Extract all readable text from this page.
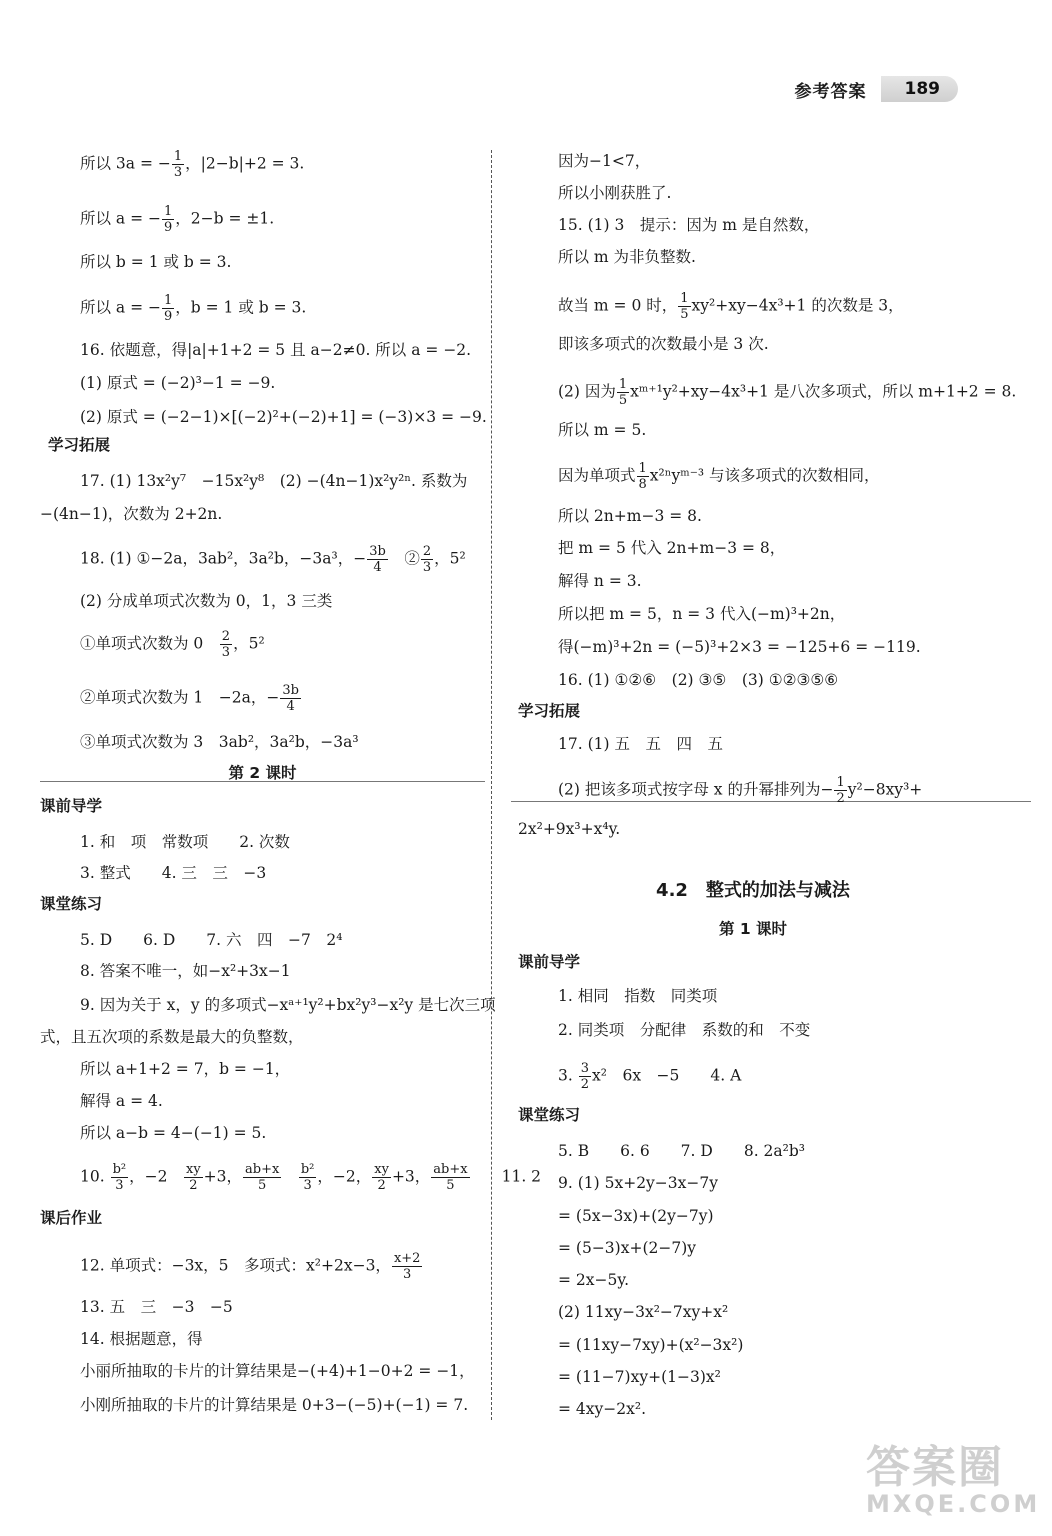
参考答案	189
所以 3a = − $\frac{1}{3}$ ，|2−b|+2 = 3.
所以 a = − $\frac{1}{9}$ ，2−b = ±1.
所以 b = 1 或 b = 3.
所以 a = − $\frac{1}{9}$ ，b = 1 或 b = 3.
16. 依题意，得|a|+1+2 = 5 且 a−2≠0. 所以 a = −2.
(1) 原式 = (−2)³−1 = −9.
(2) 原式 = (−2−1)×[(−2)²+(−2)+1] = (−3)×3 = −9.
学习拓展
17. (1) 13x²y⁷　−15x²y⁸　(2) −(4n−1)x²y²ⁿ. 系数为
−(4n−1)，次数为 2+2n.
18. (1) ①−2a，3ab²，3a²b，−3a³，− $\frac{3b}{4}$ 　② $\frac{2}{3}$ ，5²
(2) 分成单项式次数为 0，1，3 三类
①单项式次数为 0　 $\frac{2}{3}$ ，5²
②单项式次数为 1　−2a，− $\frac{3b}{4}$
③单项式次数为 3　3ab²，3a²b，−3a³
第 2 课时
课前导学
1. 和　项　常数项　　2. 次数
3. 整式　　4. 三　三　−3
课堂练习
5. D　　6. D　　7. 六　四　−7　2⁴
8. 答案不唯一，如−x²+3x−1
9. 因为关于 x，y 的多项式−xᵃ⁺¹y²+bx²y³−x²y 是七次三项
式，且五次项的系数是最大的负整数，
所以 a+1+2 = 7，b = −1，
解得 a = 4.
所以 a−b = 4−(−1) = 5.
10. $\frac{\text{b²}}{3}$ ，−2　 $\frac{xy}{2} +3$， $\frac{ab+x}{5}$
　 $\frac{\text{b²}}{3}$ ，−2， $\frac{xy}{2} +3$， $\frac{ab+x}{5}$ 　　11. 2
课后作业
12. 单项式：−3x，5　多项式：x²+2x−3， $\frac{x+2}{3}$
13. 五　三　−3　−5
14. 根据题意，得
小丽所抽取的卡片的计算结果是−(+4)+1−0+2 = −1，
小刚所抽取的卡片的计算结果是 0+3−(−5)+(−1) = 7.
因为−1<7，
所以小刚获胜了.
15. (1) 3　提示：因为 m 是自然数，
所以 m 为非负整数.
故当 m = 0 时， $\frac{1}{5} xy^2+xy-4x^3+1$ 的次数是 3，
即该多项式的次数最小是 3 次.
(2) 因为 $\frac{1}{5}$ xᵐ⁺¹y²+xy−4x³+1 是八次多项式，所以 m+1+2 = 8.
所以 m = 5.
因为单项式 $\frac{1}{8}$ x²ⁿyᵐ⁻³ 与该多项式的次数相同，
所以 2n+m−3 = 8.
把 m = 5 代入 2n+m−3 = 8，
解得 n = 3.
所以把 m = 5，n = 3 代入(−m)³+2n，
得(−m)³+2n = (−5)³+2×3 = −125+6 = −119.
16. (1) ①②⑥　(2) ③⑤　(3) ①②③⑤⑥
学习拓展
17. (1) 五　五　四　五
(2) 把该多项式按字母 x 的升幂排列为− $\frac{1}{2} y^2-8xy^3+$
2x²+9x³+x⁴y.
4.2　整式的加法与减法
第 1 课时
课前导学
1. 相同　指数　同类项
2. 同类项　分配律　系数的和　不变
3. $\frac{3}{2} x^2$　6x　−5　　4. A
课堂练习
5. B　　6. 6　　7. D　　8. 2a²b³
9. (1) 5x+2y−3x−7y
= (5x−3x)+(2y−7y)
= (5−3)x+(2−7)y
= 2x−5y.
(2) 11xy−3x²−7xy+x²
= (11xy−7xy)+(x²−3x²)
= (11−7)xy+(1−3)x²
= 4xy−2x².
答案圈
MXQE.COM
